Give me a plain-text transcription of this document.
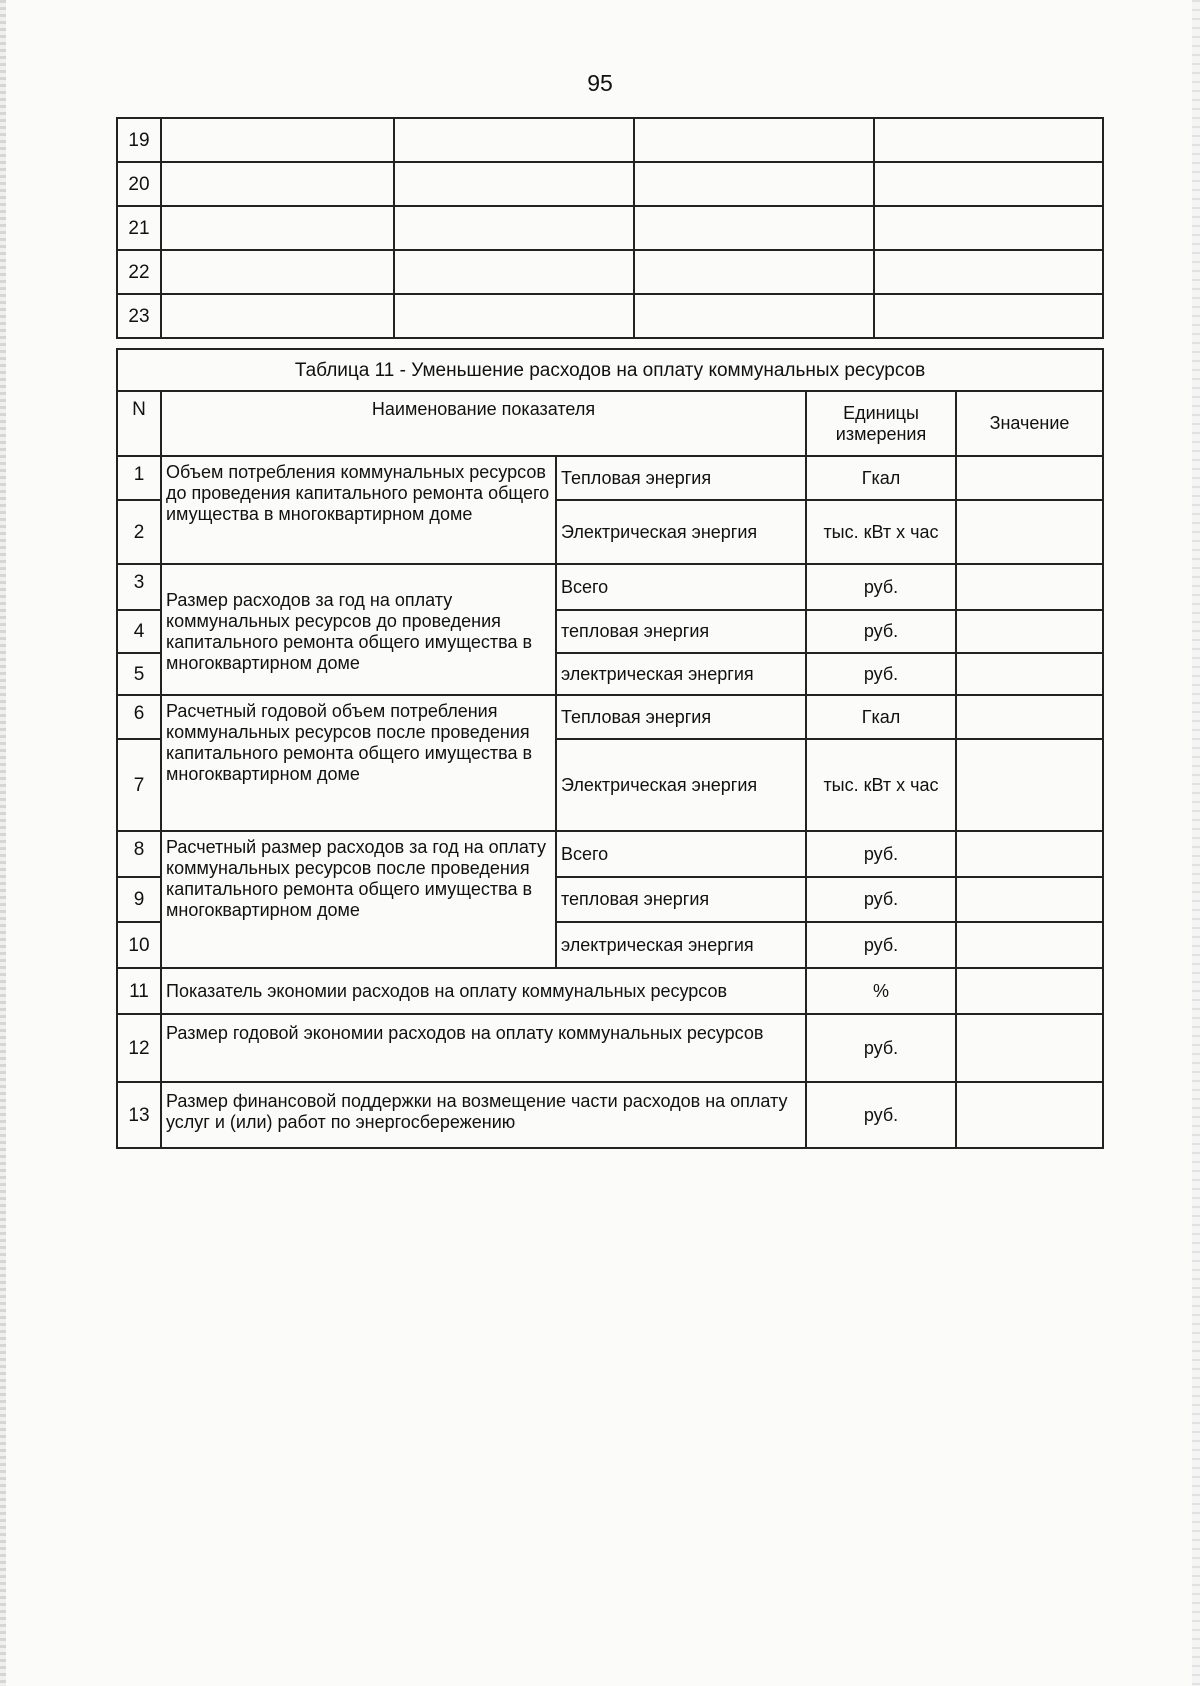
95
19				
20				
21				
22				
23				
Таблица 11 - Уменьшение расходов на оплату коммунальных ресурсов				
N	Наименование показателя		Единицы измерения	Значение
1	Объем потребления коммунальных ресурсов до проведения капитального ремонта общего имущества в многоквартирном доме	Тепловая энергия	Гкал	
2		Электрическая энергия	тыс. кВт х час	
3	Размер расходов за год на оплату коммунальных ресурсов до проведения капитального ремонта общего имущества в многоквартирном доме	Всего	руб.	
4		тепловая энергия	руб.	
5		электрическая энергия	руб.	
6	Расчетный годовой объем потребления коммунальных ресурсов после проведения капитального ремонта общего имущества в многоквартирном доме	Тепловая энергия	Гкал	
7		Электрическая энергия	тыс. кВт х час	
8	Расчетный размер расходов за год на оплату коммунальных ресурсов после проведения капитального ремонта общего имущества в многоквартирном доме	Всего	руб.	
9		тепловая энергия	руб.	
10		электрическая энергия	руб.	
11	Показатель экономии расходов на оплату коммунальных ресурсов		%	
12	Размер годовой экономии расходов на оплату коммунальных ресурсов		руб.	
13	Размер финансовой поддержки на возмещение части расходов на оплату услуг и (или) работ по энергосбережению		руб.	
